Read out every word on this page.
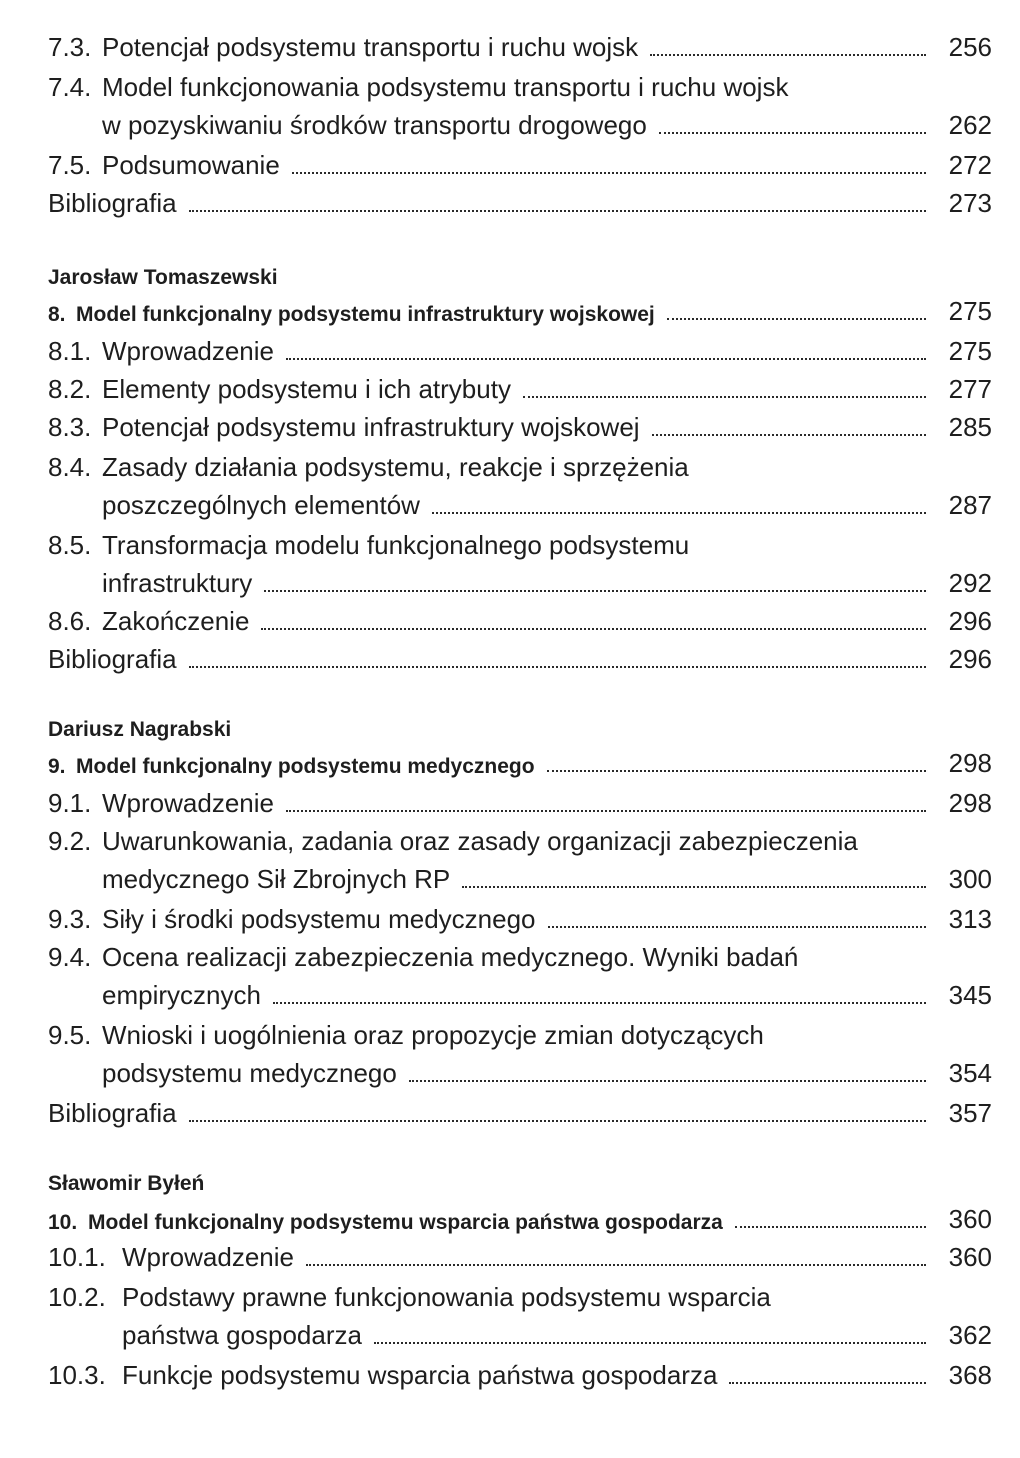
7.3. Potencjał podsystemu transportu i ruchu wojsk	256
7.4. Model funkcjonowania podsystemu transportu i ruchu wojsk
w pozyskiwaniu środków transportu drogowego	262
7.5. Podsumowanie	272
Bibliografia	273
Jarosław Tomaszewski
8. Model funkcjonalny podsystemu infrastruktury wojskowej	275
8.1. Wprowadzenie	275
8.2. Elementy podsystemu i ich atrybuty	277
8.3. Potencjał podsystemu infrastruktury wojskowej	285
8.4. Zasady działania podsystemu, reakcje i sprzężenia
poszczególnych elementów	287
8.5. Transformacja modelu funkcjonalnego podsystemu
infrastruktury	292
8.6. Zakończenie	296
Bibliografia	296
Dariusz Nagrabski
9. Model funkcjonalny podsystemu medycznego	298
9.1. Wprowadzenie	298
9.2. Uwarunkowania, zadania oraz zasady organizacji zabezpieczenia
medycznego Sił Zbrojnych RP	300
9.3. Siły i środki podsystemu medycznego	313
9.4. Ocena realizacji zabezpieczenia medycznego. Wyniki badań
empirycznych	345
9.5. Wnioski i uogólnienia oraz propozycje zmian dotyczących
podsystemu medycznego	354
Bibliografia	357
Sławomir Byłeń
10. Model funkcjonalny podsystemu wsparcia państwa gospodarza	360
10.1. Wprowadzenie	360
10.2. Podstawy prawne funkcjonowania podsystemu wsparcia
państwa gospodarza	362
10.3. Funkcje podsystemu wsparcia państwa gospodarza	368
